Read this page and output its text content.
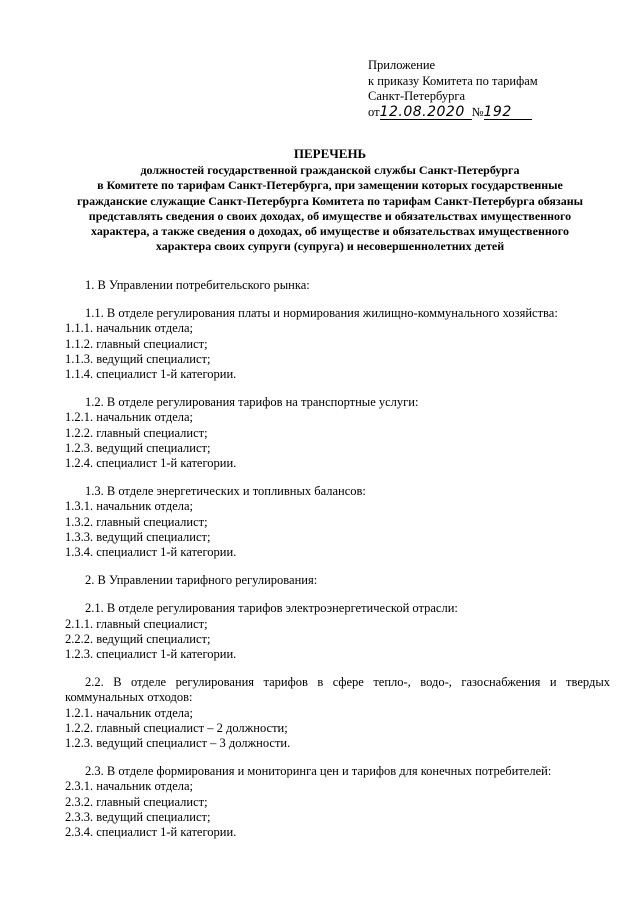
Приложение
к приказу Комитета по тарифам
Санкт-Петербурга
от12.08.2020 №192
ПЕРЕЧЕНЬ
должностей государственной гражданской службы Санкт-Петербурга
в Комитете по тарифам Санкт-Петербурга, при замещении которых государственные
гражданские служащие Санкт-Петербурга Комитета по тарифам Санкт-Петербурга обязаны
представлять сведения о своих доходах, об имуществе и обязательствах имущественного
характера, а также сведения о доходах, об имуществе и обязательствах имущественного
характера своих супруги (супруга) и несовершеннолетних детей
1. В Управлении потребительского рынка:
1.1. В отделе регулирования платы и нормирования жилищно-коммунального хозяйства:
1.1.1. начальник отдела;
1.1.2. главный специалист;
1.1.3. ведущий специалист;
1.1.4. специалист 1-й категории.
1.2. В отделе регулирования тарифов на транспортные услуги:
1.2.1. начальник отдела;
1.2.2. главный специалист;
1.2.3. ведущий специалист;
1.2.4. специалист 1-й категории.
1.3. В отделе энергетических и топливных балансов:
1.3.1. начальник отдела;
1.3.2. главный специалист;
1.3.3. ведущий специалист;
1.3.4. специалист 1-й категории.
2. В Управлении тарифного регулирования:
2.1. В отделе регулирования тарифов электроэнергетической отрасли:
2.1.1. главный специалист;
2.2.2. ведущий специалист;
1.2.3. специалист 1-й категории.
2.2. В отделе регулирования тарифов в сфере тепло-, водо-, газоснабжения и твердых
коммунальных отходов:
1.2.1. начальник отдела;
1.2.2. главный специалист – 2 должности;
1.2.3. ведущий специалист – 3 должности.
2.3. В отделе формирования и мониторинга цен и тарифов для конечных потребителей:
2.3.1. начальник отдела;
2.3.2. главный специалист;
2.3.3. ведущий специалист;
2.3.4. специалист 1-й категории.
